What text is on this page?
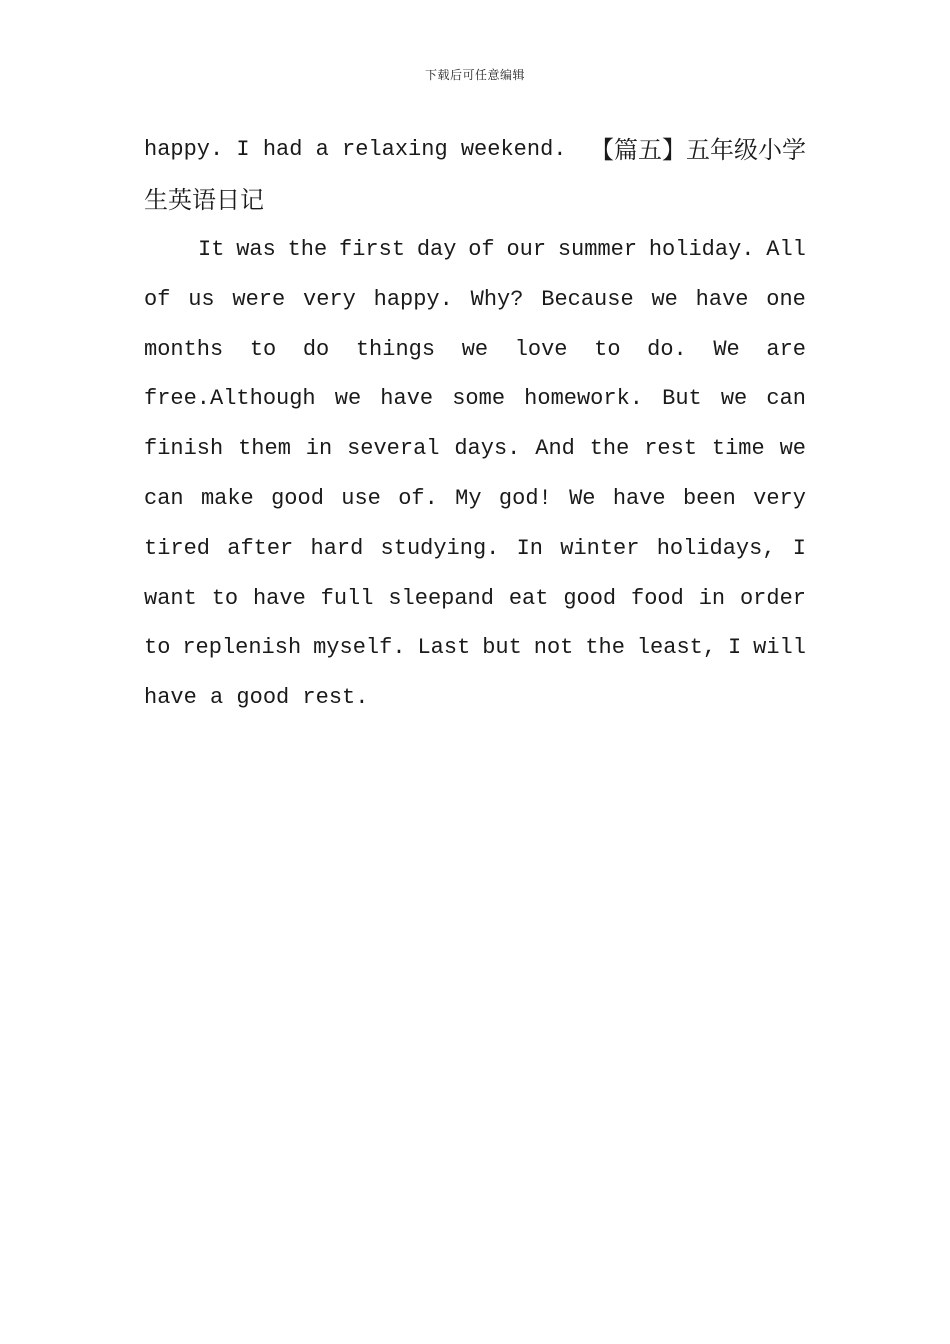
下载后可任意编辑
happy. I had a relaxing weekend. 【篇五】五年级小学
生英语日记
It was the first day of our summer holiday. All
of us were very happy. Why? Because we have one
months to do things we love to do. We are
free.Although we have some homework. But we can
finish them in several days. And the rest time we
can make good use of. My god! We have been very
tired after hard studying. In winter holidays, I
want to have full sleepand eat good food in order
to replenish myself. Last but not the least, I will
have a good rest.
